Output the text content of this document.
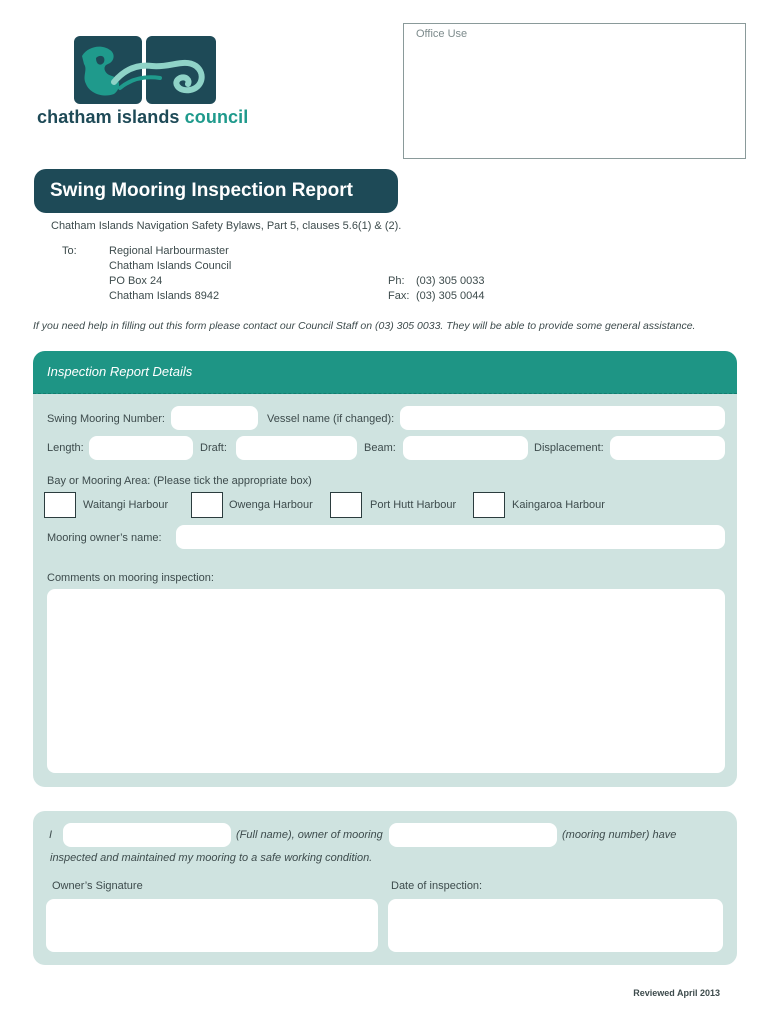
Office Use
chatham islands council
Swing Mooring Inspection Report
Chatham Islands Navigation Safety Bylaws, Part 5, clauses 5.6(1) & (2).
To:	Regional Harbourmaster
Chatham Islands Council
PO Box 24
Chatham Islands 8942
Ph: (03) 305 0033
Fax: (03) 305 0044
If you need help in filling out this form please contact our Council Staff on (03) 305 0033. They will be able to provide some general assistance.
Inspection Report Details
Swing Mooring Number:	Vessel name (if changed):
Length:	Draft:	Beam:	Displacement:
Bay or Mooring Area: (Please tick the appropriate box)
Waitangi Harbour	Owenga Harbour	Port Hutt Harbour	Kaingaroa Harbour
Mooring owner’s name:
Comments on mooring inspection:
I	(Full name), owner of mooring	(mooring number) have
inspected and maintained my mooring to a safe working condition.
Owner’s Signature	Date of inspection:
Reviewed April 2013
